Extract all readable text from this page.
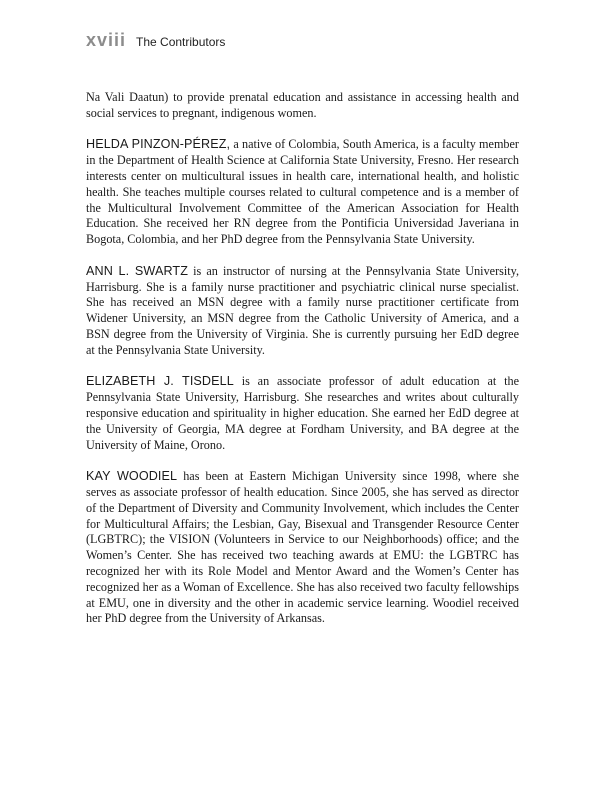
xviii The Contributors

Na Vali Daatun) to provide prenatal education and assistance in accessing health and social services to pregnant, indigenous women.

HELDA PINZON-PÉREZ, a native of Colombia, South America, is a faculty member in the Department of Health Science at California State University, Fresno. Her research interests center on multicultural issues in health care, international health, and holistic health. She teaches multiple courses related to cultural competence and is a member of the Multicultural Involvement Committee of the American Association for Health Education. She received her RN degree from the Pontificia Universidad Javeriana in Bogota, Colombia, and her PhD degree from the Pennsylvania State University.

ANN L. SWARTZ is an instructor of nursing at the Pennsylvania State University, Harrisburg. She is a family nurse practitioner and psychiatric clinical nurse specialist. She has received an MSN degree with a family nurse practitioner certificate from Widener University, an MSN degree from the Catholic University of America, and a BSN degree from the University of Virginia. She is currently pursuing her EdD degree at the Pennsylvania State University.

ELIZABETH J. TISDELL is an associate professor of adult education at the Pennsylvania State University, Harrisburg. She researches and writes about culturally responsive education and spirituality in higher education. She earned her EdD degree at the University of Georgia, MA degree at Fordham University, and BA degree at the University of Maine, Orono.

KAY WOODIEL has been at Eastern Michigan University since 1998, where she serves as associate professor of health education. Since 2005, she has served as director of the Department of Diversity and Community Involvement, which includes the Center for Multicultural Affairs; the Lesbian, Gay, Bisexual and Transgender Resource Center (LGBTRC); the VISION (Volunteers in Service to our Neighborhoods) office; and the Women’s Center. She has received two teaching awards at EMU: the LGBTRC has recognized her with its Role Model and Mentor Award and the Women’s Center has recognized her as a Woman of Excellence. She has also received two faculty fellowships at EMU, one in diversity and the other in academic service learning. Woodiel received her PhD degree from the University of Arkansas.
